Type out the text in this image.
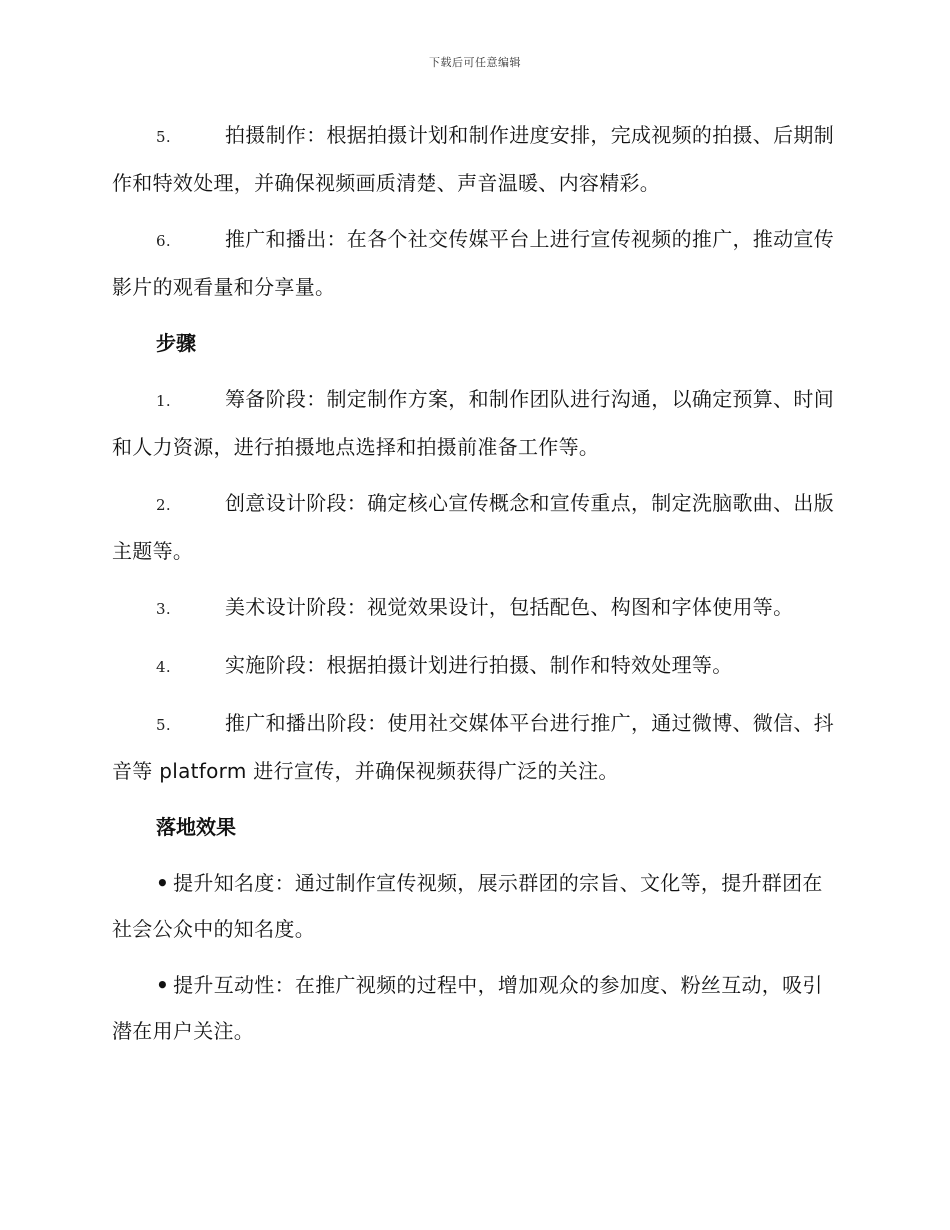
下载后可任意编辑

5.	拍摄制作：根据拍摄计划和制作进度安排，完成视频的拍摄、后期制作和特效处理，并确保视频画质清楚、声音温暖、内容精彩。

6.	推广和播出：在各个社交传媒平台上进行宣传视频的推广，推动宣传影片的观看量和分享量。

步骤

1.	筹备阶段：制定制作方案，和制作团队进行沟通，以确定预算、时间和人力资源，进行拍摄地点选择和拍摄前准备工作等。

2.	创意设计阶段：确定核心宣传概念和宣传重点，制定洗脑歌曲、出版主题等。

3.	美术设计阶段：视觉效果设计，包括配色、构图和字体使用等。

4.	实施阶段：根据拍摄计划进行拍摄、制作和特效处理等。

5.	推广和播出阶段：使用社交媒体平台进行推广，通过微博、微信、抖音等 platform 进行宣传，并确保视频获得广泛的关注。

落地效果

• 提升知名度：通过制作宣传视频，展示群团的宗旨、文化等，提升群团在社会公众中的知名度。

• 提升互动性：在推广视频的过程中，增加观众的参加度、粉丝互动，吸引潜在用户关注。
